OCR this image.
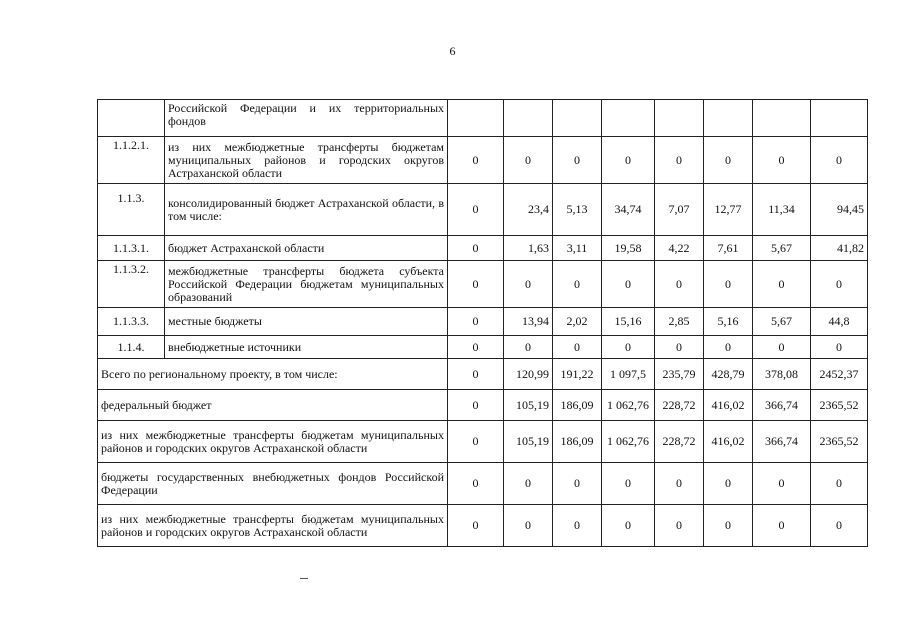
6
	Российской Федерации и их территориальных фондов								
1.1.2.1.	из них межбюджетные трансферты бюджетам муниципальных районов и городских округов Астраханской области	0	0	0	0	0	0	0	0
1.1.3.	консолидированный бюджет Астраханской области, в том числе:	0	23,4	5,13	34,74	7,07	12,77	11,34	94,45
1.1.3.1.	бюджет Астраханской области	0	1,63	3,11	19,58	4,22	7,61	5,67	41,82
1.1.3.2.	межбюджетные трансферты бюджета субъекта Российской Федерации бюджетам муниципальных образований	0	0	0	0	0	0	0	0
1.1.3.3.	местные бюджеты	0	13,94	2,02	15,16	2,85	5,16	5,67	44,8
1.1.4.	внебюджетные источники	0	0	0	0	0	0	0	0
Всего по региональному проекту, в том числе:		0	120,99	191,22	1 097,5	235,79	428,79	378,08	2452,37
федеральный бюджет		0	105,19	186,09	1 062,76	228,72	416,02	366,74	2365,52
из них межбюджетные трансферты бюджетам муниципальных районов и городских округов Астраханской области		0	105,19	186,09	1 062,76	228,72	416,02	366,74	2365,52
бюджеты государственных внебюджетных фондов Российской Федерации		0	0	0	0	0	0	0	0
из них межбюджетные трансферты бюджетам муниципальных районов и городских округов Астраханской области		0	0	0	0	0	0	0	0
